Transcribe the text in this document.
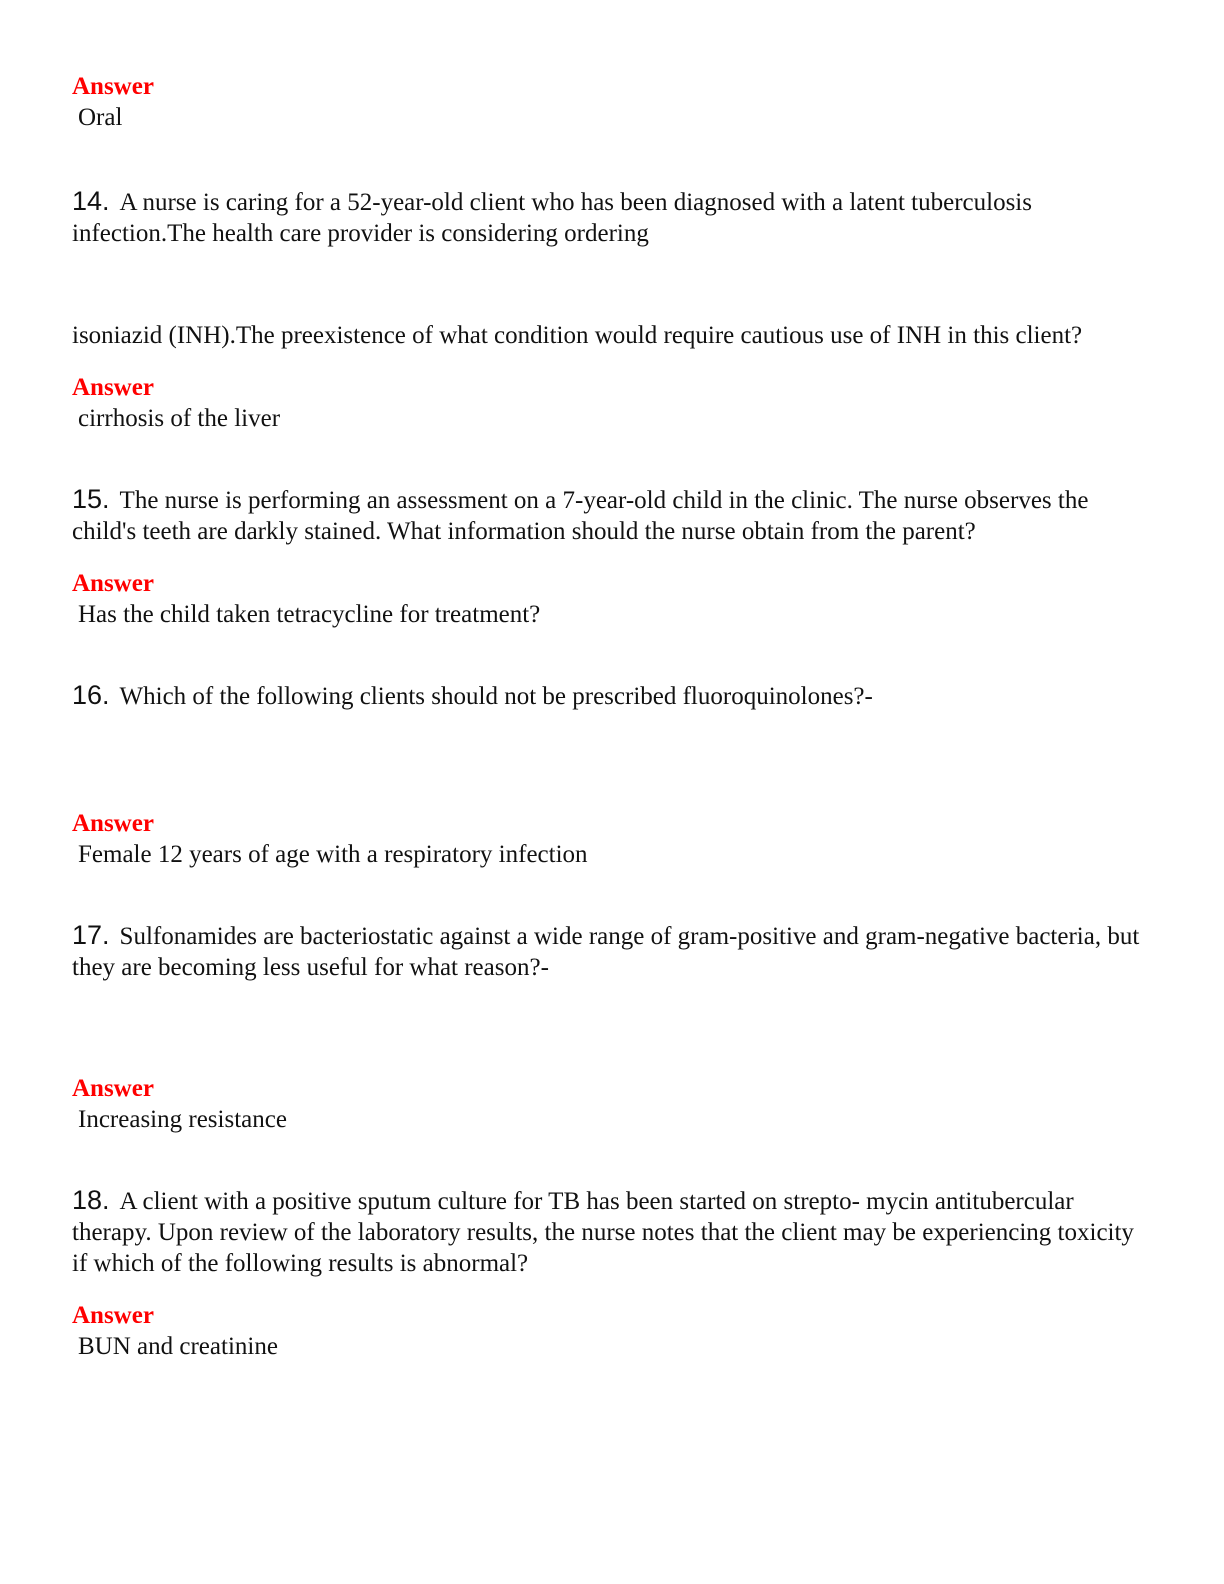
Answer
Oral
14. A nurse is caring for a 52-year-old client who has been diagnosed with a latent tuberculosis infection.The health care provider is considering ordering
isoniazid (INH).The preexistence of what condition would require cautious use of INH in this client?
Answer
cirrhosis of the liver
15. The nurse is performing an assessment on a 7-year-old child in the clinic. The nurse observes the child's teeth are darkly stained. What information should the nurse obtain from the parent?
Answer
Has the child taken tetracycline for treatment?
16. Which of the following clients should not be prescribed fluoroquinolones?-
Answer
Female 12 years of age with a respiratory infection
17. Sulfonamides are bacteriostatic against a wide range of gram-positive and gram-negative bacteria, but they are becoming less useful for what reason?-
Answer
Increasing resistance
18. A client with a positive sputum culture for TB has been started on strepto- mycin antitubercular therapy. Upon review of the laboratory results, the nurse notes that the client may be experiencing toxicity if which of the following results is abnormal?
Answer
BUN and creatinine
